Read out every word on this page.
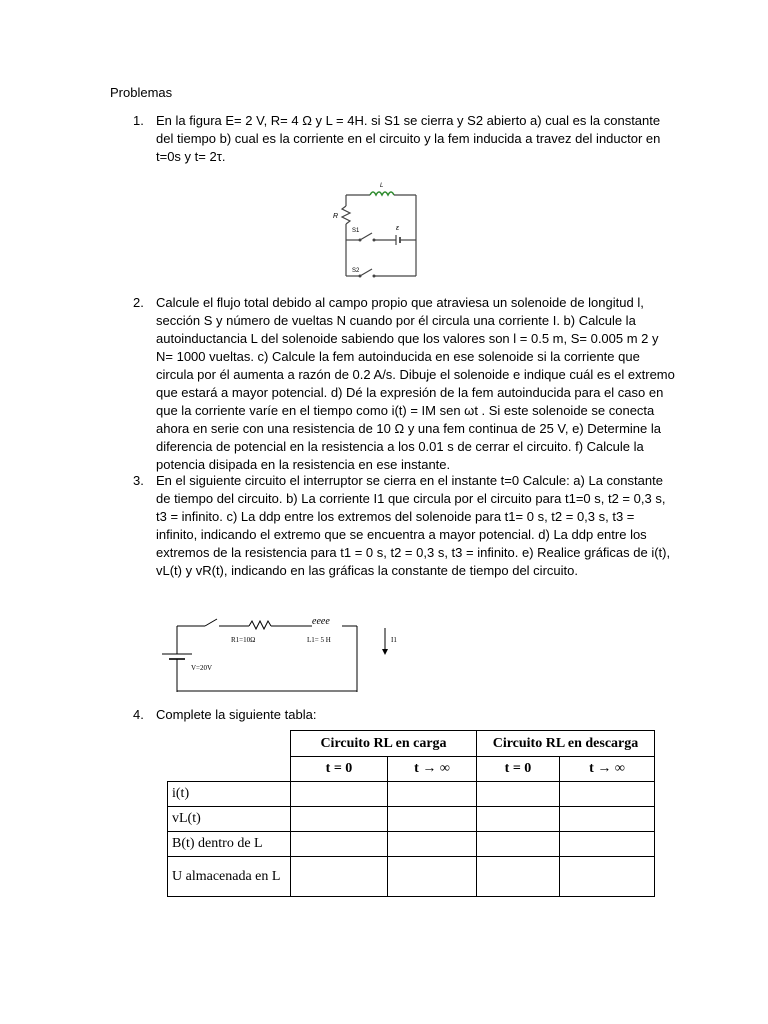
Problemas
1. En la figura E= 2 V, R= 4 Ω y L = 4H. si S1 se cierra y S2 abierto a) cual es la constante del tiempo b) cual es la corriente en el circuito y la fem inducida a travez del inductor en t=0s y t= 2τ.
L
R
ε
S1
S2
2. Calcule el flujo total debido al campo propio que atraviesa un solenoide de longitud l, sección S y número de vueltas N cuando por él circula una corriente I. b) Calcule la autoinductancia L del solenoide sabiendo que los valores son l = 0.5 m, S= 0.005 m 2 y N= 1000 vueltas. c) Calcule la fem autoinducida en ese solenoide si la corriente que circula por él aumenta a razón de 0.2 A/s. Dibuje el solenoide e indique cuál es el extremo que estará a mayor potencial. d) Dé la expresión de la fem autoinducida para el caso en que la corriente varíe en el tiempo como i(t) = IM sen ωt . Si este solenoide se conecta ahora en serie con una resistencia de 10 Ω y una fem continua de 25 V, e) Determine la diferencia de potencial en la resistencia a los 0.01 s de cerrar el circuito. f) Calcule la potencia disipada en la resistencia en ese instante.
3. En el siguiente circuito el interruptor se cierra en el instante t=0 Calcule: a) La constante de tiempo del circuito. b) La corriente I1 que circula por el circuito para t1=0 s, t2 = 0,3 s, t3 = infinito. c) La ddp entre los extremos del solenoide para t1= 0 s, t2 = 0,3 s, t3 = infinito, indicando el extremo que se encuentra a mayor potencial. d) La ddp entre los extremos de la resistencia para t1 = 0 s, t2 = 0,3 s, t3 = infinito. e) Realice gráficas de i(t), vL(t) y vR(t), indicando en las gráficas la constante de tiempo del circuito.
eeee
R1=10Ω	L1= 5 H
V=20V
I1
4. Complete la siguiente tabla:
	Circuito RL en carga		Circuito RL en descarga	
	t = 0	t → ∞	t = 0	t → ∞
i(t)				
vL(t)				
B(t) dentro de L				
U almacenada en L				
